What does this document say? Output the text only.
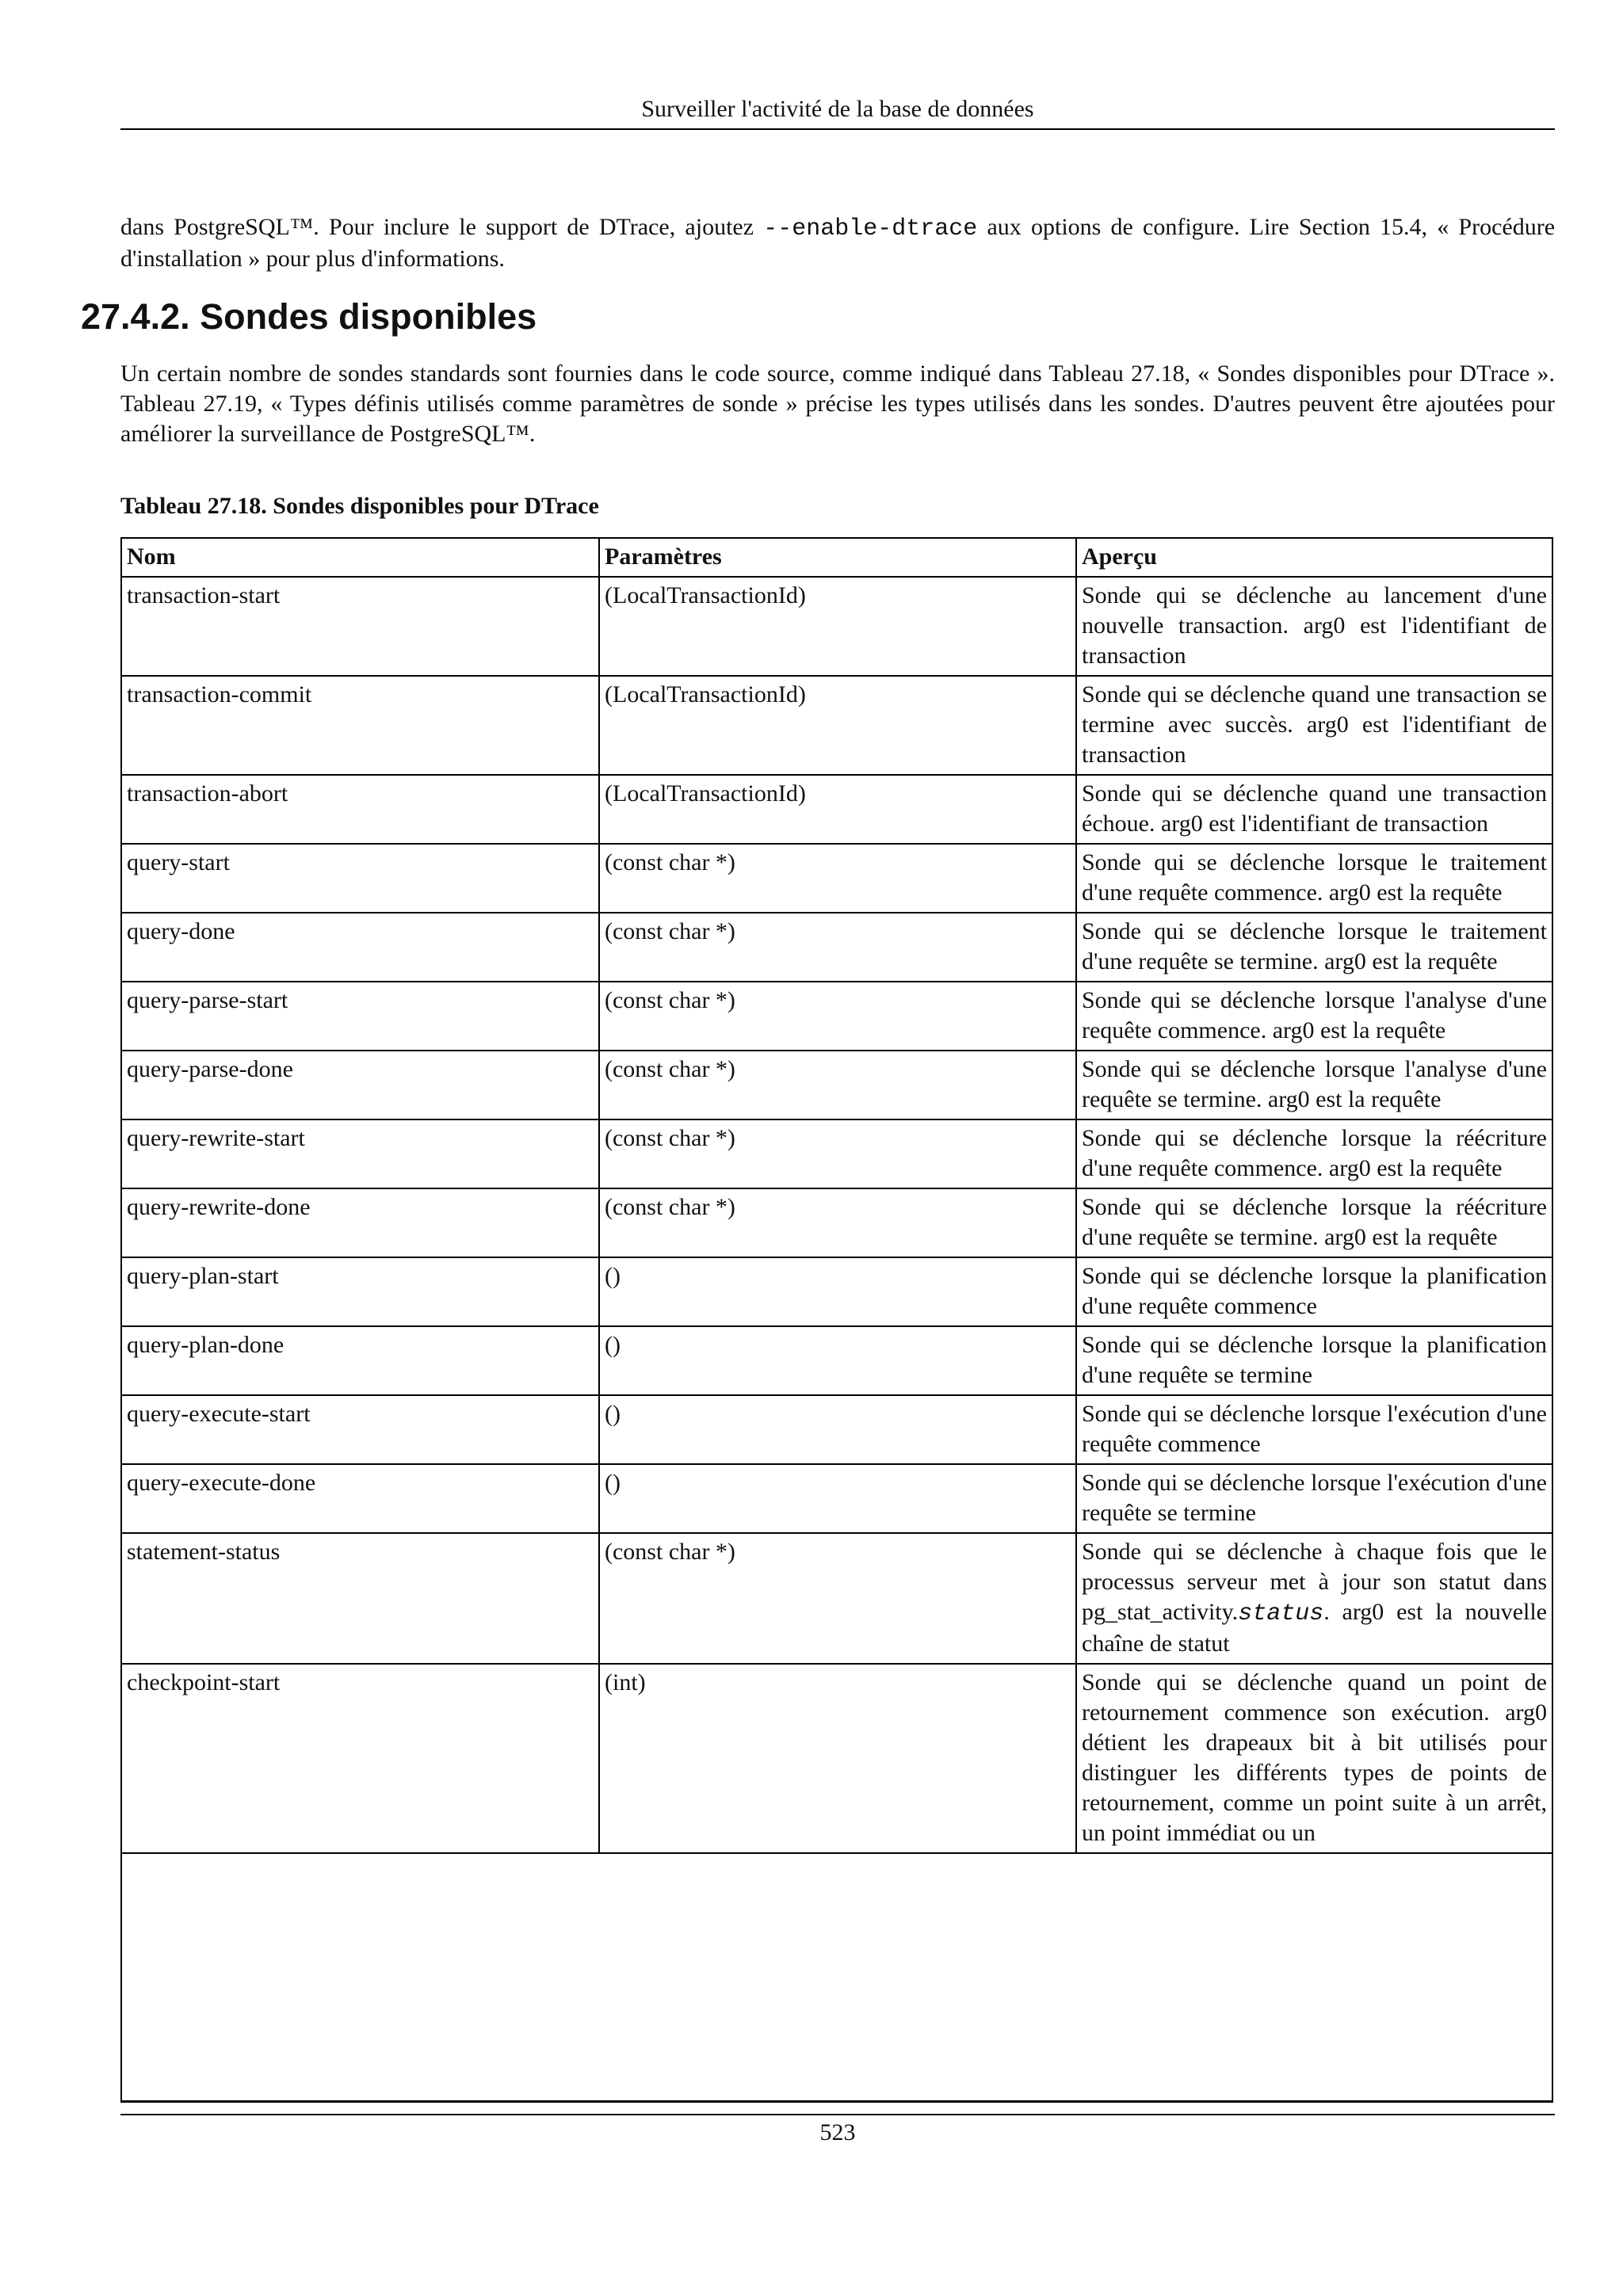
Surveiller l'activité de la base de données

dans PostgreSQL™. Pour inclure le support de DTrace, ajoutez --enable-dtrace aux options de configure. Lire Section 15.4, « Procédure d'installation » pour plus d'informations.

27.4.2. Sondes disponibles

Un certain nombre de sondes standards sont fournies dans le code source, comme indiqué dans Tableau 27.18, « Sondes disponibles pour DTrace ». Tableau 27.19, « Types définis utilisés comme paramètres de sonde » précise les types utilisés dans les sondes. D'autres peuvent être ajoutées pour améliorer la surveillance de PostgreSQL™.

Tableau 27.18. Sondes disponibles pour DTrace

Nom	Paramètres	Aperçu
transaction-start	(LocalTransactionId)	Sonde qui se déclenche au lancement d'une nouvelle transaction. arg0 est l'identifiant de transaction
transaction-commit	(LocalTransactionId)	Sonde qui se déclenche quand une transaction se termine avec succès. arg0 est l'identifiant de transaction
transaction-abort	(LocalTransactionId)	Sonde qui se déclenche quand une transaction échoue. arg0 est l'identifiant de transaction
query-start	(const char *)	Sonde qui se déclenche lorsque le traitement d'une requête commence. arg0 est la requête
query-done	(const char *)	Sonde qui se déclenche lorsque le traitement d'une requête se termine. arg0 est la requête
query-parse-start	(const char *)	Sonde qui se déclenche lorsque l'analyse d'une requête commence. arg0 est la requête
query-parse-done	(const char *)	Sonde qui se déclenche lorsque l'analyse d'une requête se termine. arg0 est la requête
query-rewrite-start	(const char *)	Sonde qui se déclenche lorsque la réécriture d'une requête commence. arg0 est la requête
query-rewrite-done	(const char *)	Sonde qui se déclenche lorsque la réécriture d'une requête se termine. arg0 est la requête
query-plan-start	()	Sonde qui se déclenche lorsque la planification d'une requête commence
query-plan-done	()	Sonde qui se déclenche lorsque la planification d'une requête se termine
query-execute-start	()	Sonde qui se déclenche lorsque l'exécution d'une requête commence
query-execute-done	()	Sonde qui se déclenche lorsque l'exécution d'une requête se termine
statement-status	(const char *)	Sonde qui se déclenche à chaque fois que le processus serveur met à jour son statut dans pg_stat_activity.status. arg0 est la nouvelle chaîne de statut
checkpoint-start	(int)	Sonde qui se déclenche quand un point de retournement commence son exécution. arg0 détient les drapeaux bit à bit utilisés pour distinguer les différents types de points de retournement, comme un point suite à un arrêt, un point immédiat ou un
523
